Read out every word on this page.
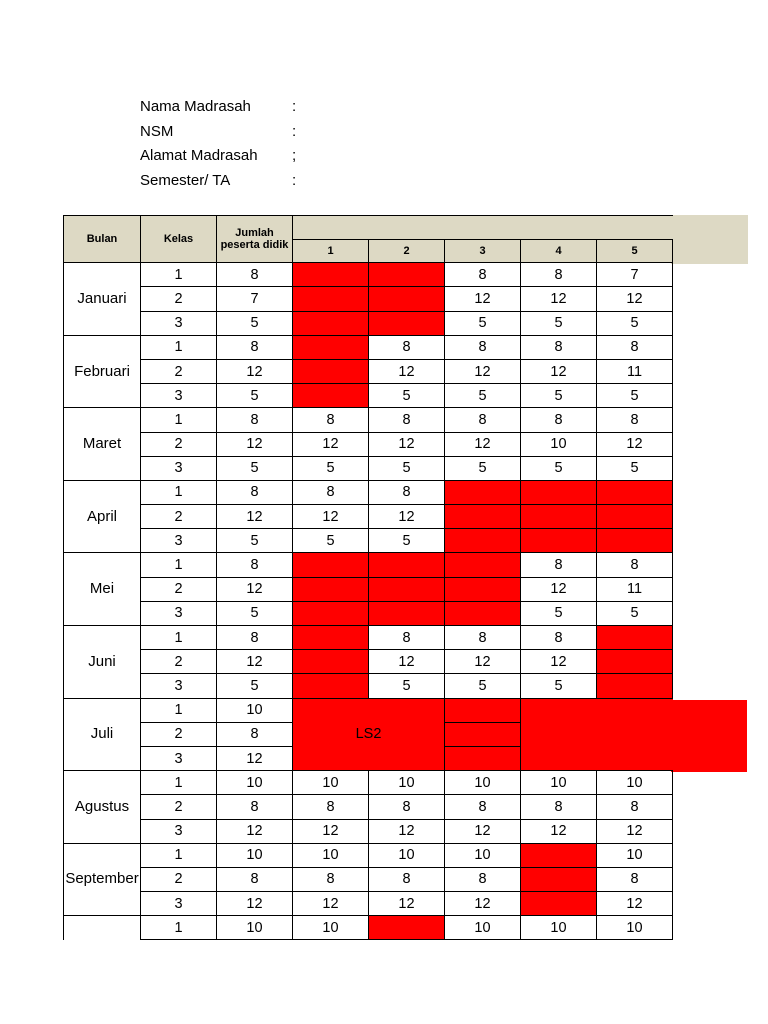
Nama Madrasah	:
NSM	:
Alamat Madrasah ;
Semester/ TA	:
Bulan	Kelas	Jumlah peserta didik					
			1	2	3	4	5
Januari	1	8			8	8	7
	2	7			12	12	12
	3	5			5	5	5
Februari	1	8		8	8	8	8
	2	12		12	12	12	11
	3	5		5	5	5	5
Maret	1	8	8	8	8	8	8
	2	12	12	12	12	10	12
	3	5	5	5	5	5	5
April	1	8	8	8			
	2	12	12	12			
	3	5	5	5			
Mei	1	8				8	8
	2	12				12	11
	3	5				5	5
Juni	1	8		8	8	8	
	2	12		12	12	12	
	3	5		5	5	5	
Juli	1	10	LS2				
	2	8					
	3	12					
Agustus	1	10	10	10	10	10	10
	2	8	8	8	8	8	8
	3	12	12	12	12	12	12
September	1	10	10	10	10		10
	2	8	8	8	8		8
	3	12	12	12	12		12
	1	10	10		10	10	10
